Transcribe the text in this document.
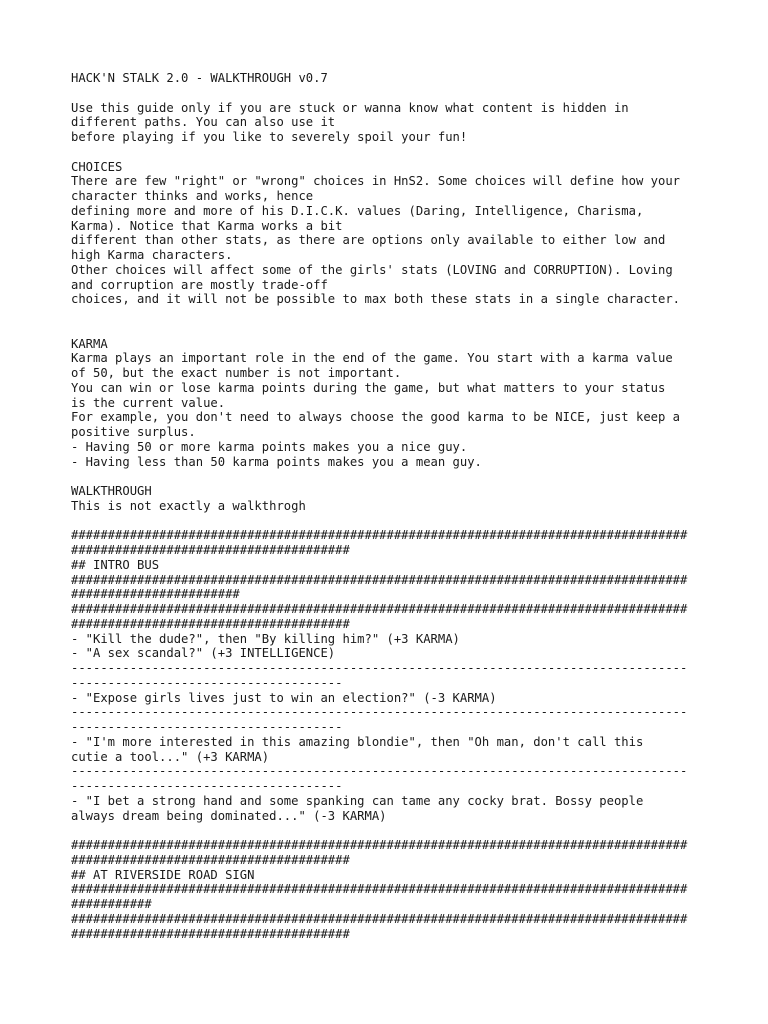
HACK'N STALK 2.0 - WALKTHROUGH v0.7

Use this guide only if you are stuck or wanna know what content is hidden in
different paths. You can also use it
before playing if you like to severely spoil your fun!

CHOICES
There are few "right" or "wrong" choices in HnS2. Some choices will define how your
character thinks and works, hence
defining more and more of his D.I.C.K. values (Daring, Intelligence, Charisma,
Karma). Notice that Karma works a bit
different than other stats, as there are options only available to either low and
high Karma characters.
Other choices will affect some of the girls' stats (LOVING and CORRUPTION). Loving
and corruption are mostly trade-off
choices, and it will not be possible to max both these stats in a single character.

KARMA
Karma plays an important role in the end of the game. You start with a karma value
of 50, but the exact number is not important.
You can win or lose karma points during the game, but what matters to your status
is the current value.
For example, you don't need to always choose the good karma to be NICE, just keep a
positive surplus.
- Having 50 or more karma points makes you a nice guy.
- Having less than 50 karma points makes you a mean guy.

WALKTHROUGH
This is not exactly a walkthrogh

####################################################################################
######################################
## INTRO BUS
####################################################################################
#######################
####################################################################################
######################################
- "Kill the dude?", then "By killing him?" (+3 KARMA)
- "A sex scandal?" (+3 INTELLIGENCE)
------------------------------------------------------------------------------------
-------------------------------------
- "Expose girls lives just to win an election?" (-3 KARMA)
------------------------------------------------------------------------------------
-------------------------------------
- "I'm more interested in this amazing blondie", then "Oh man, don't call this
cutie a tool..." (+3 KARMA)
------------------------------------------------------------------------------------
-------------------------------------
- "I bet a strong hand and some spanking can tame any cocky brat. Bossy people
always dream being dominated..." (-3 KARMA)

####################################################################################
######################################
## AT RIVERSIDE ROAD SIGN
####################################################################################
###########
####################################################################################
######################################
